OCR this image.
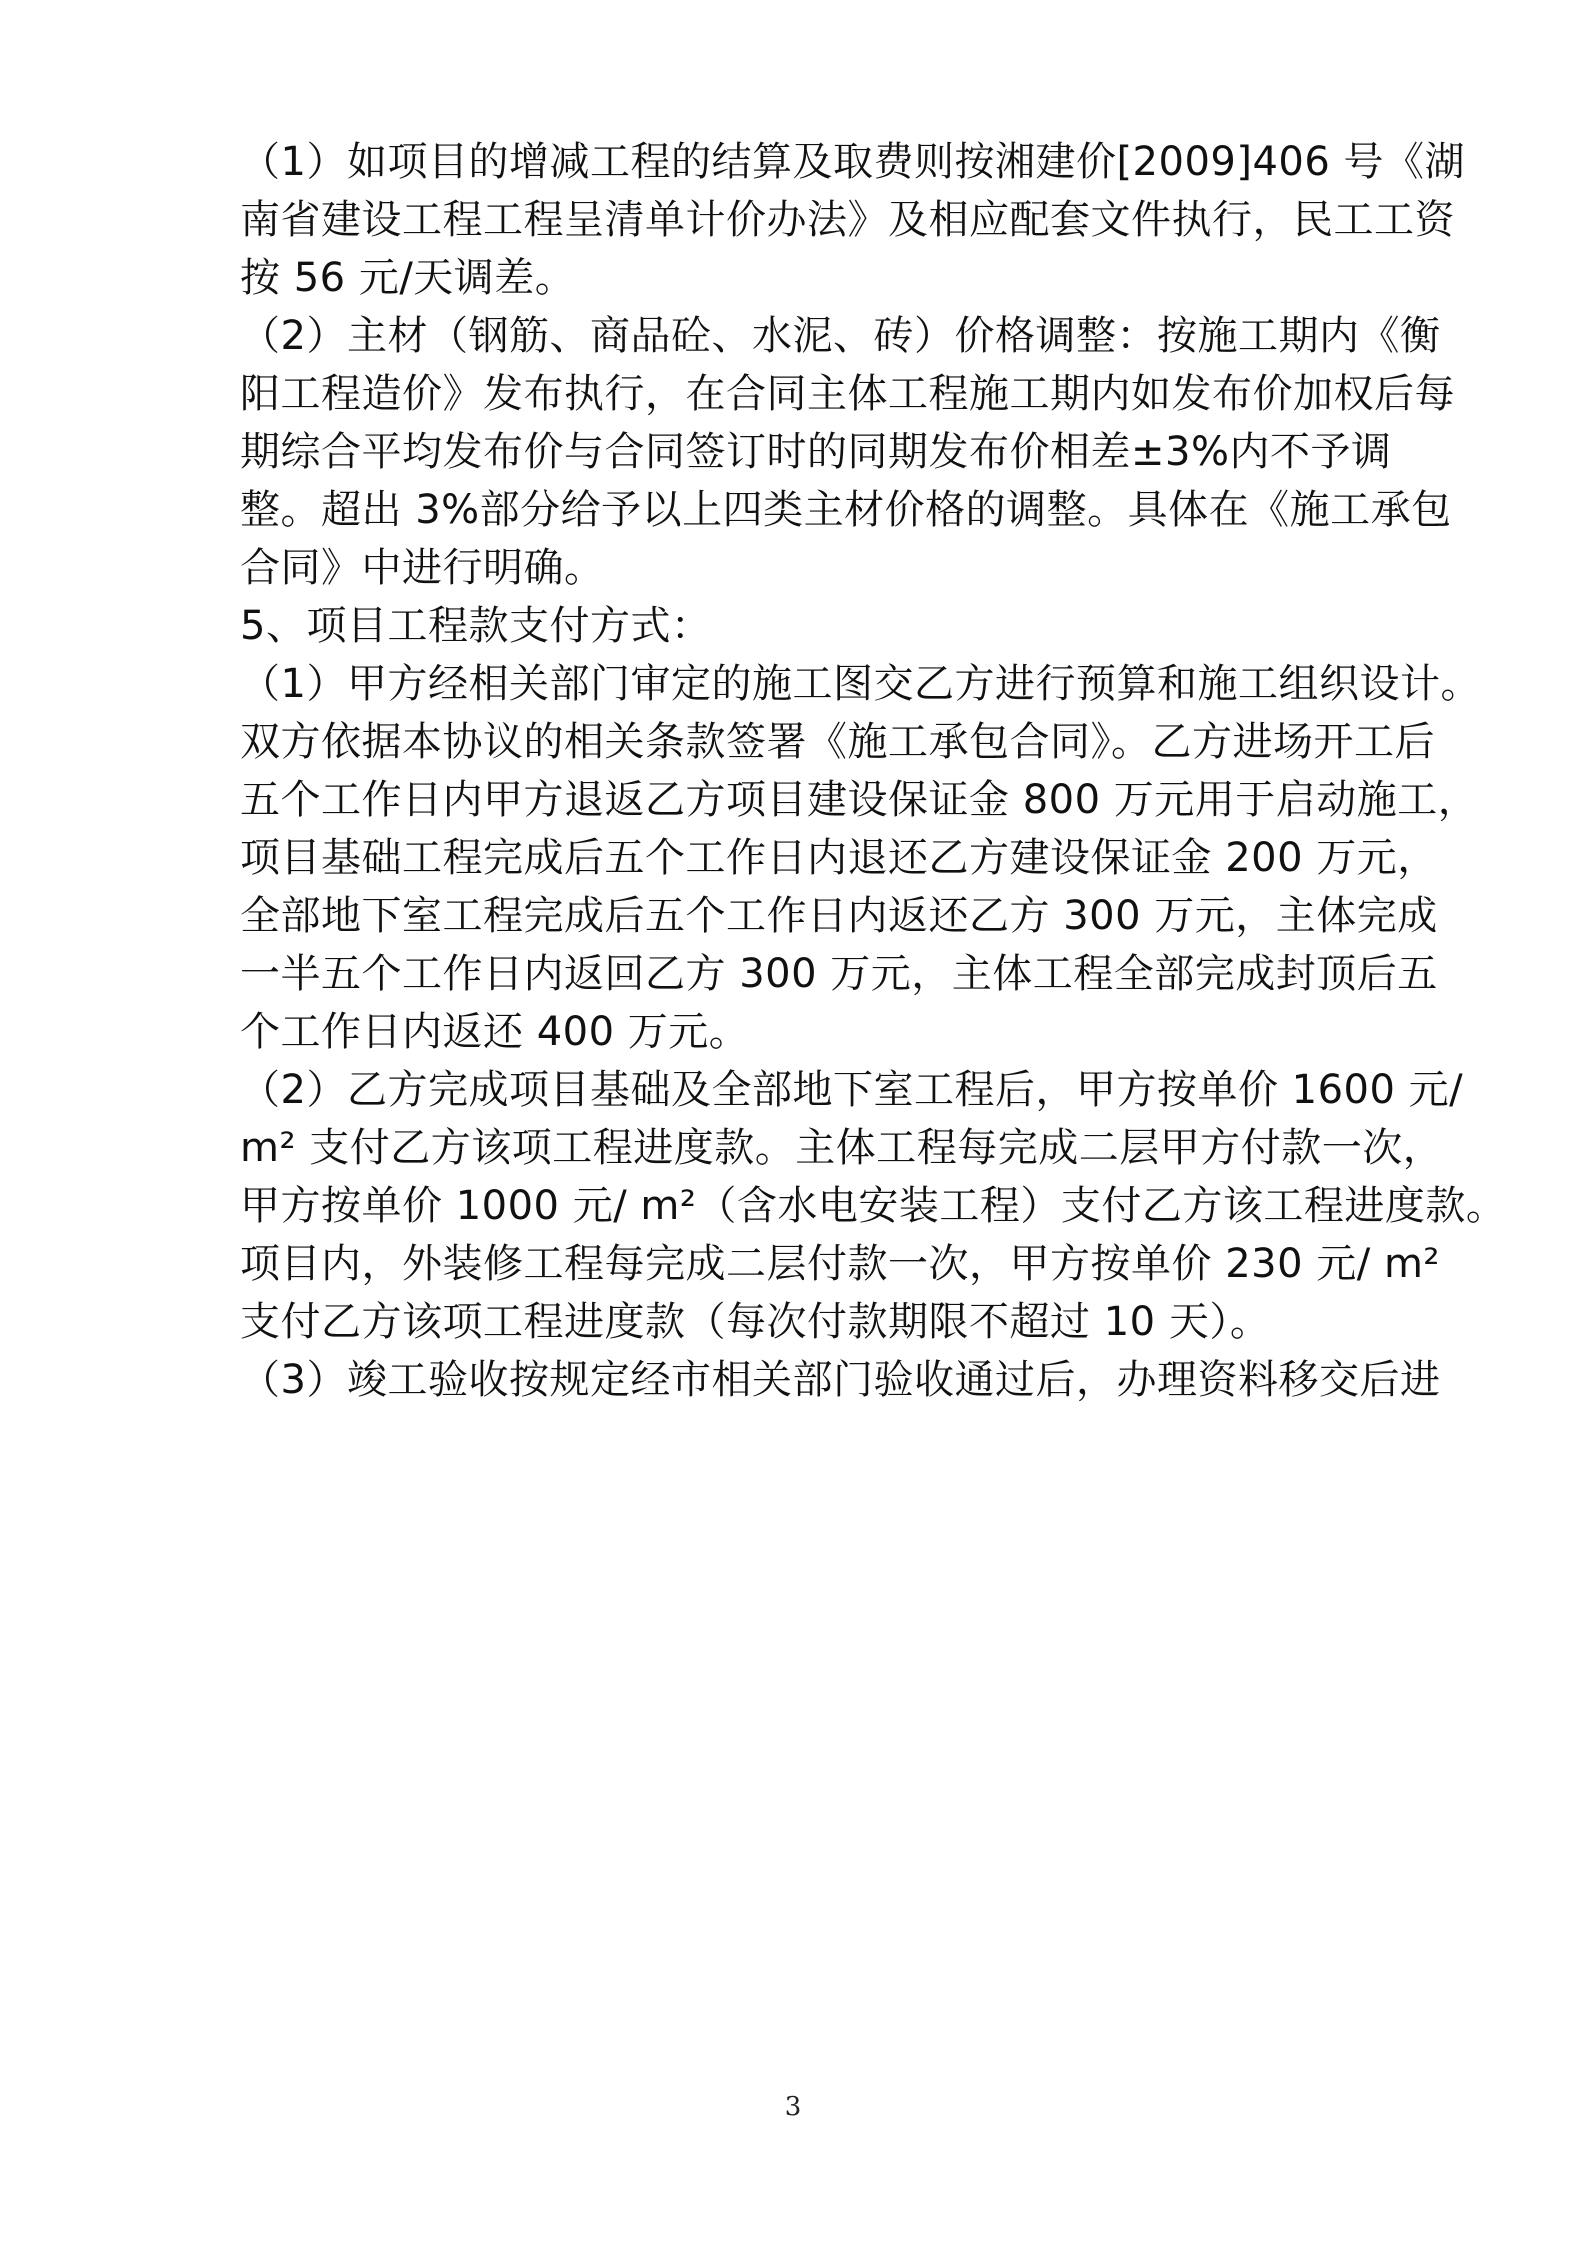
（1）如项目的增减工程的结算及取费则按湘建价[2009]406 号《湖
南省建设工程工程呈清单计价办法》及相应配套文件执行，民工工资
按 56 元/天调差。
（2）主材（钢筋、商品砼、水泥、砖）价格调整：按施工期内《衡
阳工程造价》发布执行，在合同主体工程施工期内如发布价加权后每
期综合平均发布价与合同签订时的同期发布价相差±3%内不予调
整。超出 3%部分给予以上四类主材价格的调整。具体在《施工承包
合同》中进行明确。
5、项目工程款支付方式：
（1）甲方经相关部门审定的施工图交乙方进行预算和施工组织设计。
双方依据本协议的相关条款签署《施工承包合同》。乙方进场开工后
五个工作日内甲方退返乙方项目建设保证金 800 万元用于启动施工，
项目基础工程完成后五个工作日内退还乙方建设保证金 200 万元，
全部地下室工程完成后五个工作日内返还乙方 300 万元，主体完成
一半五个工作日内返回乙方 300 万元，主体工程全部完成封顶后五
个工作日内返还 400 万元。
（2）乙方完成项目基础及全部地下室工程后，甲方按单价 1600 元/
m² 支付乙方该项工程进度款。主体工程每完成二层甲方付款一次，
甲方按单价 1000 元/ m²（含水电安装工程）支付乙方该工程进度款。
项目内，外装修工程每完成二层付款一次，甲方按单价 230 元/ m²
支付乙方该项工程进度款（每次付款期限不超过 10 天）。
（3）竣工验收按规定经市相关部门验收通过后，办理资料移交后进
3
